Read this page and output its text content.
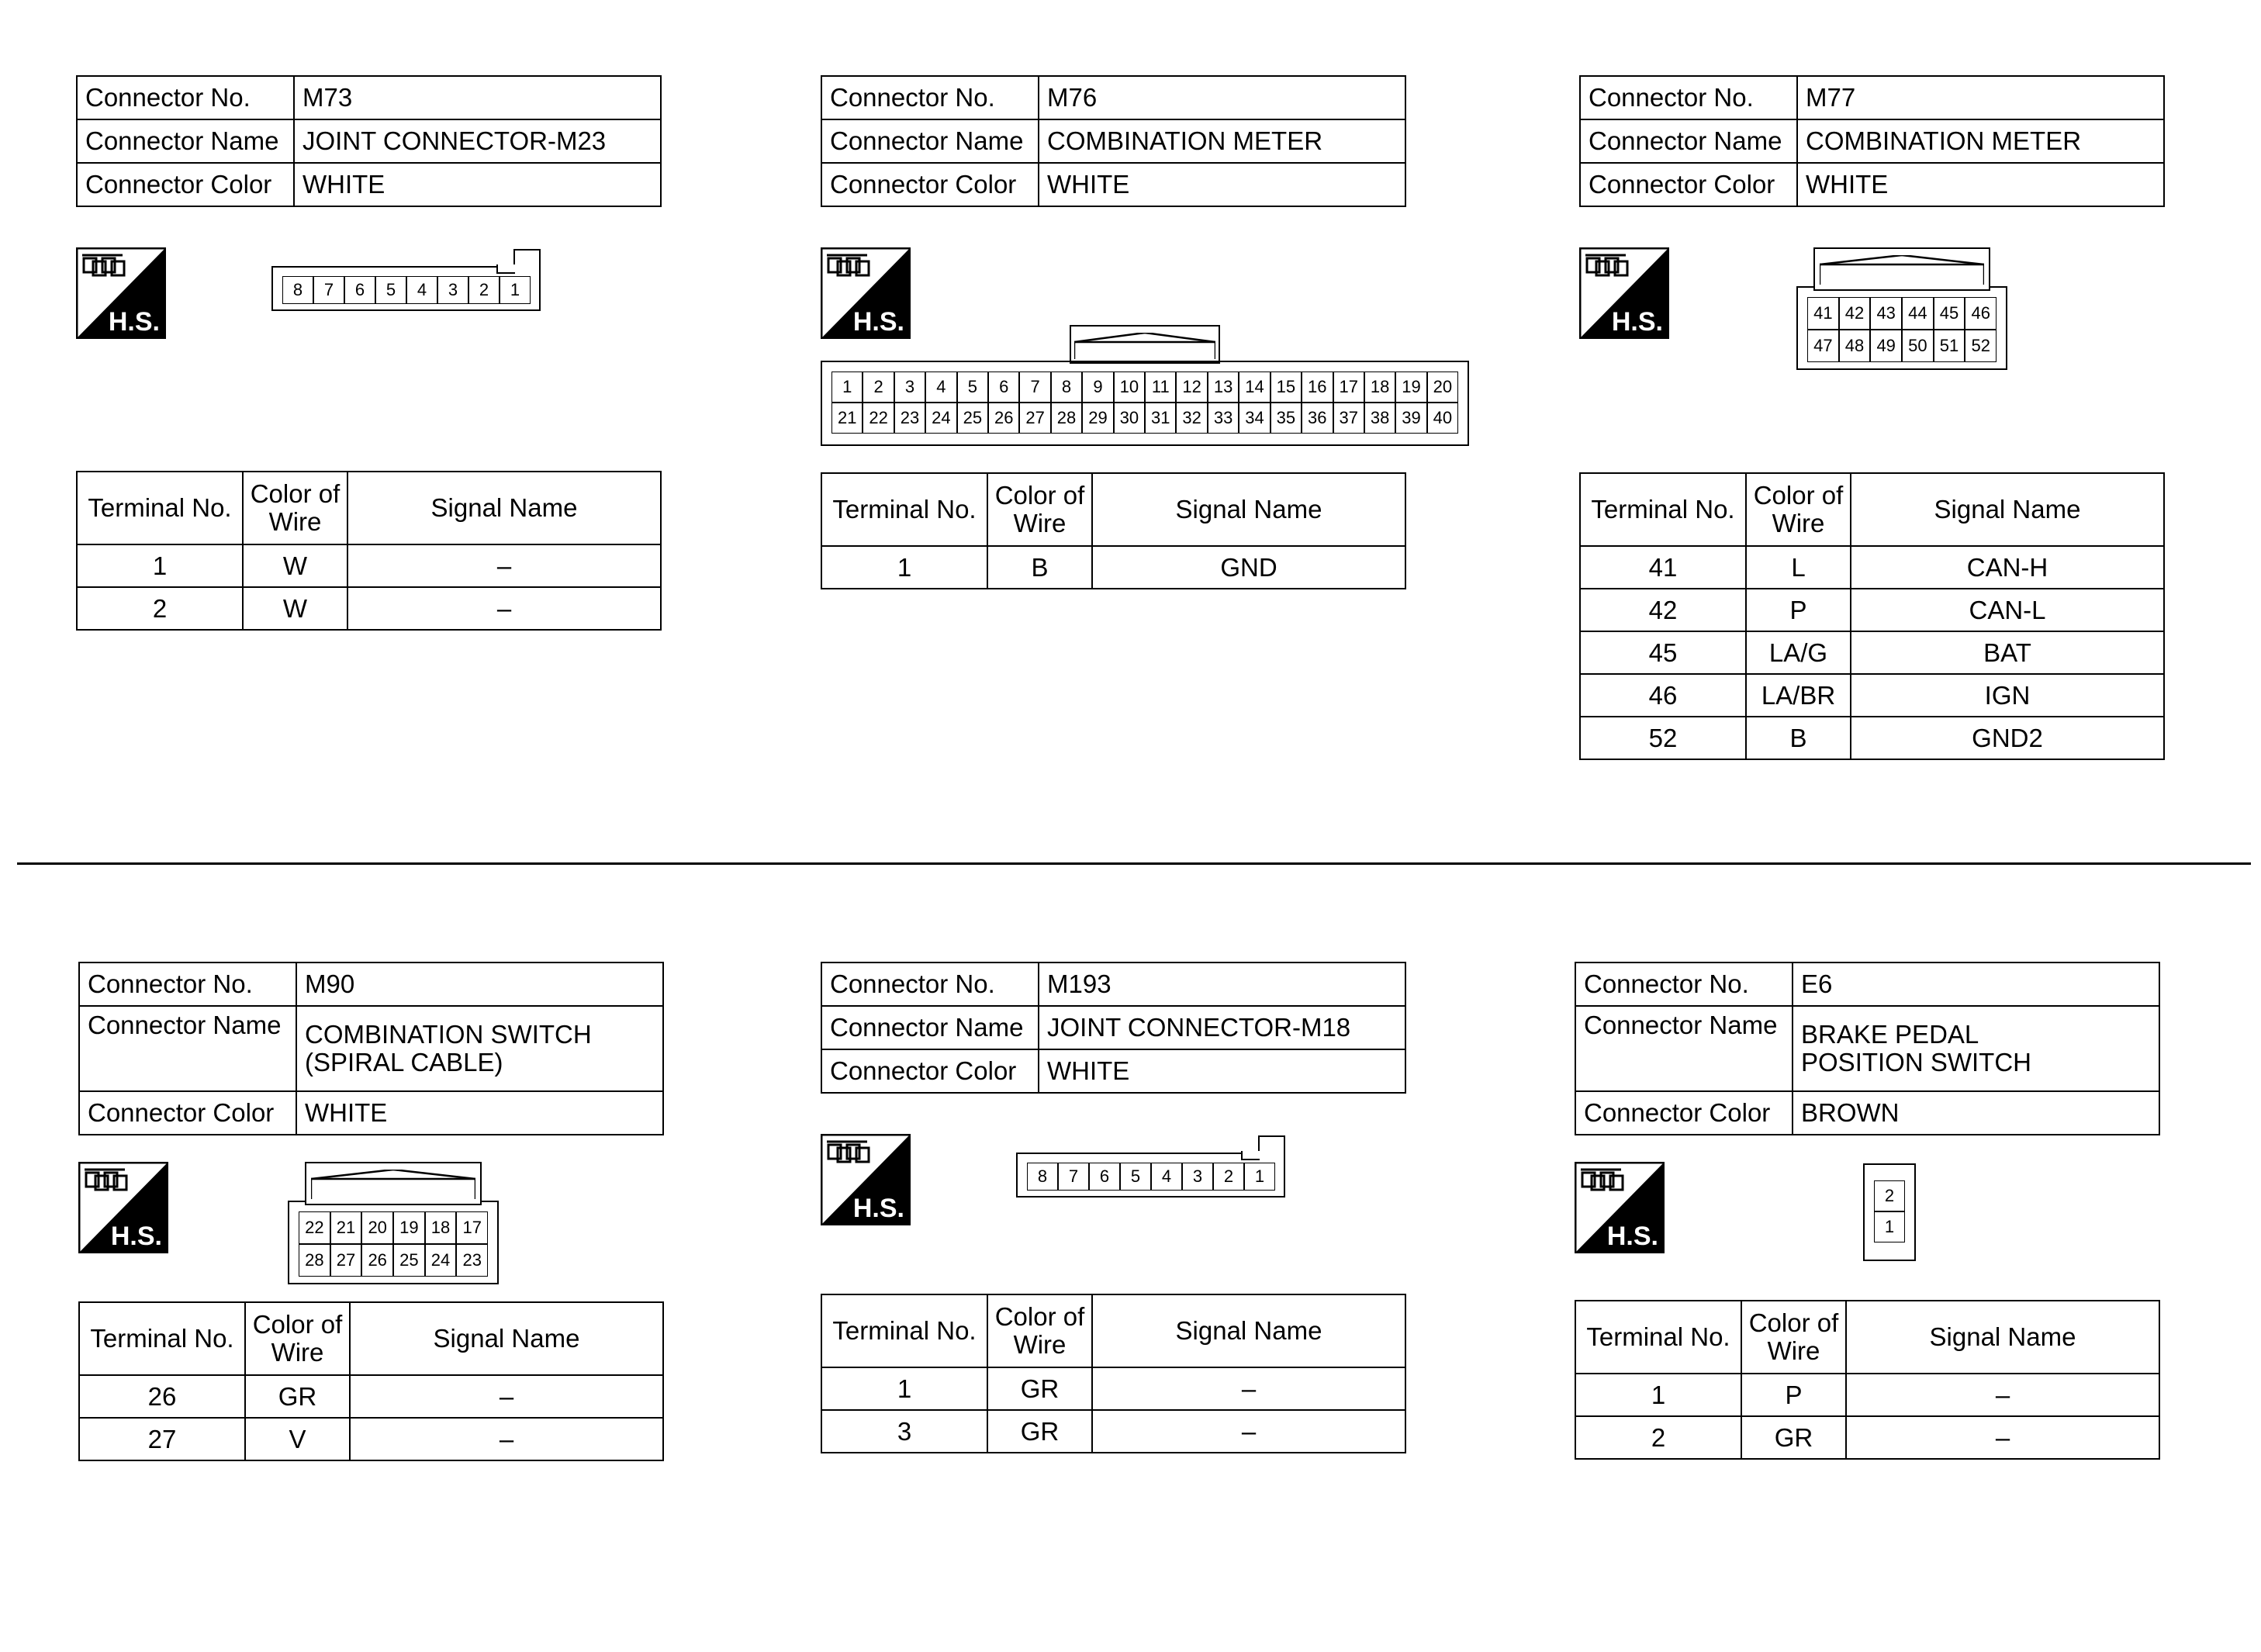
Connector No.	M73
Connector Name	JOINT CONNECTOR-M23
Connector Color	WHITE
H.S.
8	7	6	5	4	3	2	1
Terminal No.	Color of Wire	Signal Name
1	W	–
2	W	–
Connector No.	M76
Connector Name	COMBINATION METER
Connector Color	WHITE
H.S.
1	2	3	4	5	6	7	8	9	10 11 12 13 14 15 16 17 18 19 20
21 22 23 24 25 26 27 28 29 30 31 32 33 34 35 36 37 38 39 40
Terminal No.	Color of Wire	Signal Name
1	B	GND
Connector No.	M77
Connector Name	COMBINATION METER
Connector Color	WHITE
H.S.	41 42 43 44 45 46
47 48 49 50 51 52
Terminal No.	Color of Wire	Signal Name
41	L	CAN-H
42	P	CAN-L
45	LA/G	BAT
46	LA/BR	IGN
52	B	GND2
Connector No.	M90
Connector Name	COMBINATION SWITCH
(SPIRAL CABLE)
Connector Color	WHITE
H.S.	22 21 20 19 18 17
28 27 26 25 24 23
Terminal No.	Color of Wire	Signal Name
26	GR	–
27	V	–
Connector No.	M193
Connector Name	JOINT CONNECTOR-M18
Connector Color	WHITE
H.S.
8	7	6	5	4	3	2	1
Terminal No.	Color of Wire	Signal Name
1	GR	–
3	GR	–
Connector No.	E6
Connector Name	BRAKE PEDAL
POSITION SWITCH
Connector Color	BROWN
H.S.
2
1
Terminal No.	Color of Wire	Signal Name
1	P	–
2	GR	–
